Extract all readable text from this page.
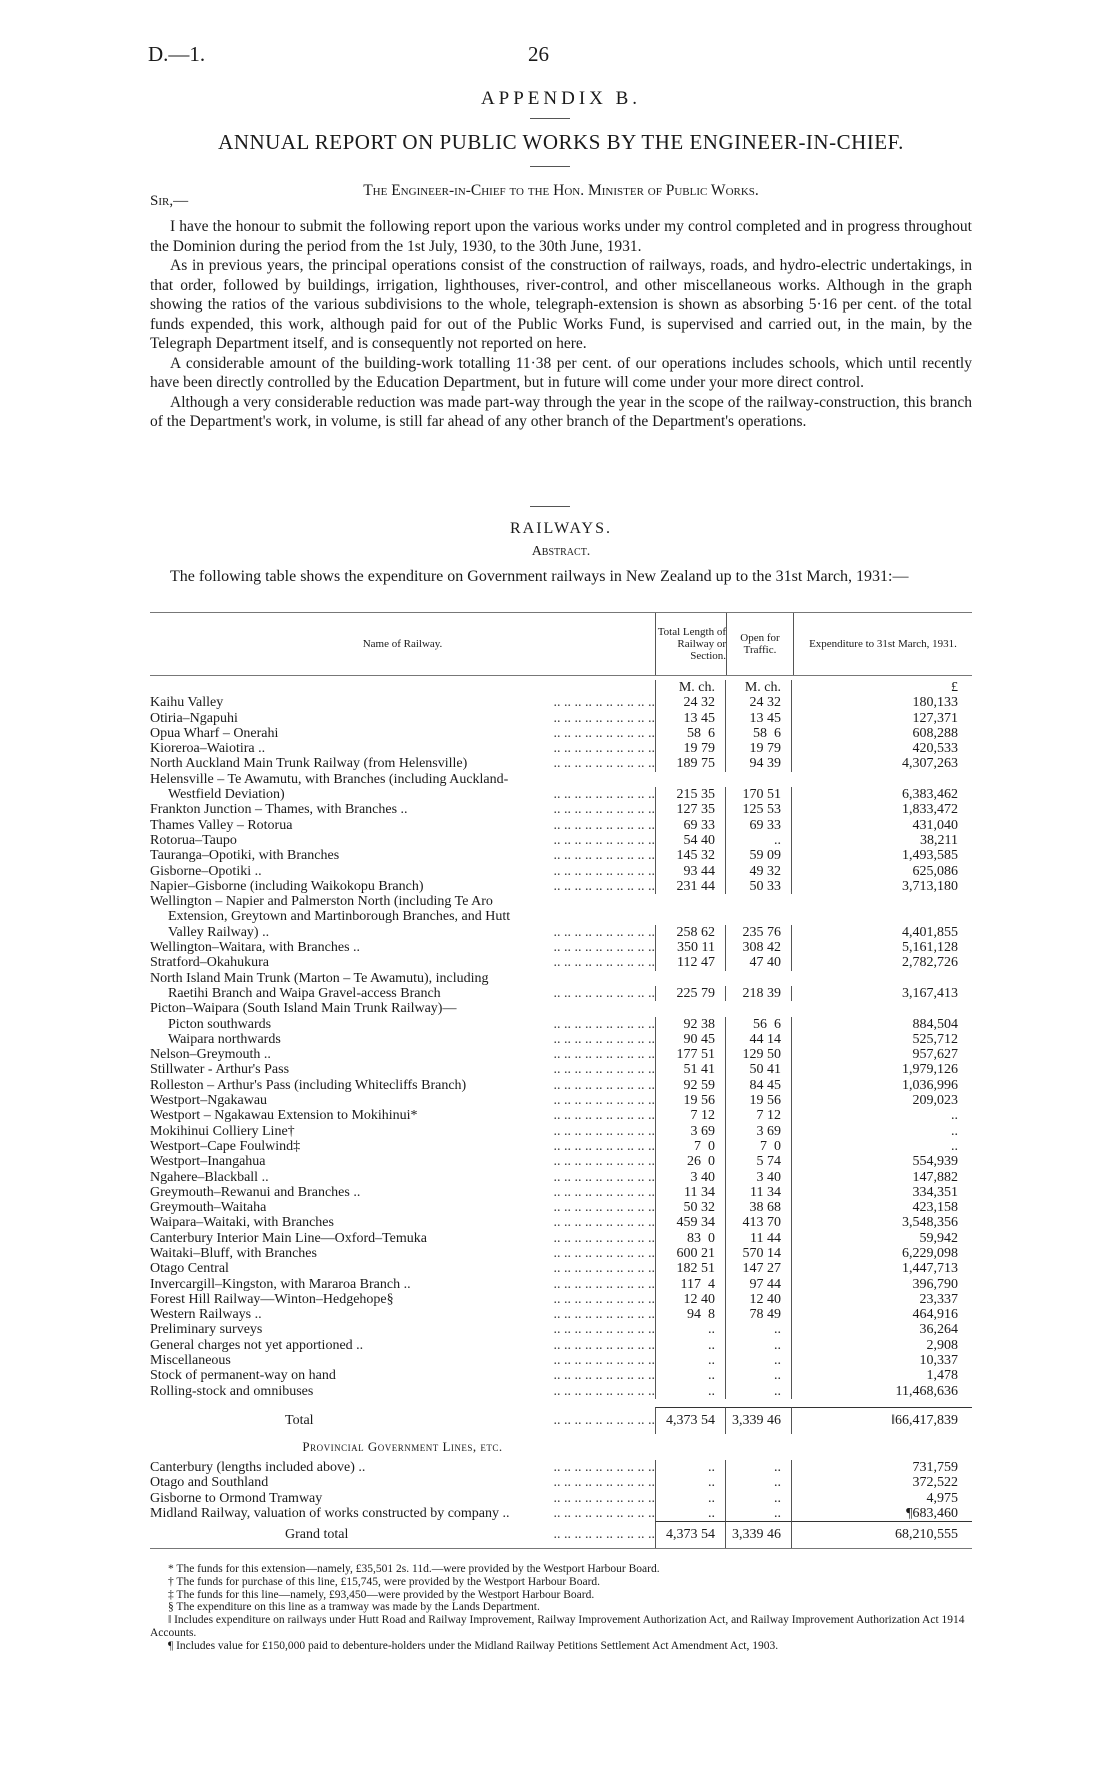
D.—1.	26
APPENDIX B.
ANNUAL REPORT ON PUBLIC WORKS BY THE ENGINEER-IN-CHIEF.
The Engineer-in-Chief to the Hon. Minister of Public Works.
Sir,—

I have the honour to submit the following report upon the various works under my control completed and in progress throughout the Dominion during the period from the 1st July, 1930, to the 30th June, 1931.

As in previous years, the principal operations consist of the construction of railways, roads, and hydro-electric undertakings, in that order, followed by buildings, irrigation, lighthouses, river-control, and other miscellaneous works. Although in the graph showing the ratios of the various subdivisions to the whole, telegraph-extension is shown as absorbing 5·16 per cent. of the total funds expended, this work, although paid for out of the Public Works Fund, is supervised and carried out, in the main, by the Telegraph Department itself, and is consequently not reported on here.

A considerable amount of the building-work totalling 11·38 per cent. of our operations includes schools, which until recently have been directly controlled by the Education Department, but in future will come under your more direct control.

Although a very considerable reduction was made part-way through the year in the scope of the railway-construction, this branch of the Department's work, in volume, is still far ahead of any other branch of the Department's operations.

RAILWAYS.
Abstract.
The following table shows the expenditure on Government railways in New Zealand up to the 31st March, 1931:—
Name of Railway.
Total Length of Railway or Section.
Open for Traffic.	Expenditure to 31st March, 1931.
M. ch.	M. ch.	£
Kaihu Valley	.. .. .. .. .. .. .. .. .. ..	24 32	24 32	180,133
Otiria–Ngapuhi	.. .. .. .. .. .. .. .. .. ..	13 45	13 45	127,371
Opua Wharf – Onerahi	.. .. .. .. .. .. .. .. .. ..	58  6	58  6	608,288
Kioreroa–Waiotira ..	.. .. .. .. .. .. .. .. .. ..	19 79	19 79	420,533
North Auckland Main Trunk Railway (from Helensville)	.. .. .. .. .. .. .. .. .. ..	189 75	94 39	4,307,263
Helensville – Te Awamutu, with Branches (including Auckland-
Westfield Deviation)	.. .. .. .. .. .. .. .. .. ..	215 35	170 51	6,383,462
Frankton Junction – Thames, with Branches ..	.. .. .. .. .. .. .. .. .. ..	127 35	125 53	1,833,472
Thames Valley – Rotorua	.. .. .. .. .. .. .. .. .. ..	69 33	69 33	431,040
Rotorua–Taupo	.. .. .. .. .. .. .. .. .. ..	54 40	..	38,211
Tauranga–Opotiki, with Branches	.. .. .. .. .. .. .. .. .. ..	145 32	59 09	1,493,585
Gisborne–Opotiki ..	.. .. .. .. .. .. .. .. .. ..	93 44	49 32	625,086
Napier–Gisborne (including Waikokopu Branch)	.. .. .. .. .. .. .. .. .. ..	231 44	50 33	3,713,180
Wellington – Napier and Palmerston North (including Te Aro
Extension, Greytown and Martinborough Branches, and Hutt
Valley Railway) ..	.. .. .. .. .. .. .. .. .. ..	258 62	235 76	4,401,855
Wellington–Waitara, with Branches ..	.. .. .. .. .. .. .. .. .. ..	350 11	308 42	5,161,128
Stratford–Okahukura	.. .. .. .. .. .. .. .. .. ..	112 47	47 40	2,782,726
North Island Main Trunk (Marton – Te Awamutu), including
Raetihi Branch and Waipa Gravel-access Branch	.. .. .. .. .. .. .. .. .. ..	225 79	218 39	3,167,413
Picton–Waipara (South Island Main Trunk Railway)—
Picton southwards	.. .. .. .. .. .. .. .. .. ..	92 38	56  6	884,504
Waipara northwards	.. .. .. .. .. .. .. .. .. ..	90 45	44 14	525,712
Nelson–Greymouth ..	.. .. .. .. .. .. .. .. .. ..	177 51	129 50	957,627
Stillwater - Arthur's Pass	.. .. .. .. .. .. .. .. .. ..	51 41	50 41	1,979,126
Rolleston – Arthur's Pass (including Whitecliffs Branch)	.. .. .. .. .. .. .. .. .. ..	92 59	84 45	1,036,996
Westport–Ngakawau	.. .. .. .. .. .. .. .. .. ..	19 56	19 56	209,023
Westport – Ngakawau Extension to Mokihinui*	.. .. .. .. .. .. .. .. .. ..	7 12	7 12	..
Mokihinui Colliery Line†	.. .. .. .. .. .. .. .. .. ..	3 69	3 69	..
Westport–Cape Foulwind‡	.. .. .. .. .. .. .. .. .. ..	7  0	7  0	..
Westport–Inangahua	.. .. .. .. .. .. .. .. .. ..	26  0	5 74	554,939
Ngahere–Blackball ..	.. .. .. .. .. .. .. .. .. ..	3 40	3 40	147,882
Greymouth–Rewanui and Branches ..	.. .. .. .. .. .. .. .. .. ..	11 34	11 34	334,351
Greymouth–Waitaha	.. .. .. .. .. .. .. .. .. ..	50 32	38 68	423,158
Waipara–Waitaki, with Branches	.. .. .. .. .. .. .. .. .. ..	459 34	413 70	3,548,356
Canterbury Interior Main Line—Oxford–Temuka	.. .. .. .. .. .. .. .. .. ..	83  0	11 44	59,942
Waitaki–Bluff, with Branches	.. .. .. .. .. .. .. .. .. ..	600 21	570 14	6,229,098
Otago Central	.. .. .. .. .. .. .. .. .. ..	182 51	147 27	1,447,713
Invercargill–Kingston, with Mararoa Branch ..	.. .. .. .. .. .. .. .. .. ..	117  4	97 44	396,790
Forest Hill Railway—Winton–Hedgehope§	.. .. .. .. .. .. .. .. .. ..	12 40	12 40	23,337
Western Railways ..	.. .. .. .. .. .. .. .. .. ..	94  8	78 49	464,916
Preliminary surveys	.. .. .. .. .. .. .. .. .. ..	..	..	36,264
General charges not yet apportioned ..	.. .. .. .. .. .. .. .. .. ..	..	..	2,908
Miscellaneous	.. .. .. .. .. .. .. .. .. ..	..	..	10,337
Stock of permanent-way on hand	.. .. .. .. .. .. .. .. .. ..	..	..	1,478
Rolling-stock and omnibuses	.. .. .. .. .. .. .. .. .. ..	..	..	11,468,636
Total	.. .. .. .. .. .. .. .. .. .. 4,373 54	3,339 46	‖66,417,839
Provincial Government Lines, etc.
Canterbury (lengths included above) ..	.. .. .. .. .. .. .. .. .. ..	..	..	731,759
Otago and Southland	.. .. .. .. .. .. .. .. .. ..	..	..	372,522
Gisborne to Ormond Tramway	.. .. .. .. .. .. .. .. .. ..	..	..	4,975
Midland Railway, valuation of works constructed by company ..	.. .. .. .. .. .. .. .. .. ..	..	..	¶683,460
Grand total	.. .. .. .. .. .. .. .. .. .. 4,373 54	3,339 46	68,210,555

* The funds for this extension—namely, £35,501 2s. 11d.—were provided by the Westport Harbour Board.

† The funds for purchase of this line, £15,745, were provided by the Westport Harbour Board.

‡ The funds for this line—namely, £93,450—were provided by the Westport Harbour Board.

§ The expenditure on this line as a tramway was made by the Lands Department.

‖ Includes expenditure on railways under Hutt Road and Railway Improvement, Railway Improvement Authorization Act, and Railway Improvement Authorization Act 1914 Accounts.

¶ Includes value for £150,000 paid to debenture-holders under the Midland Railway Petitions Settlement Act Amendment Act, 1903.
